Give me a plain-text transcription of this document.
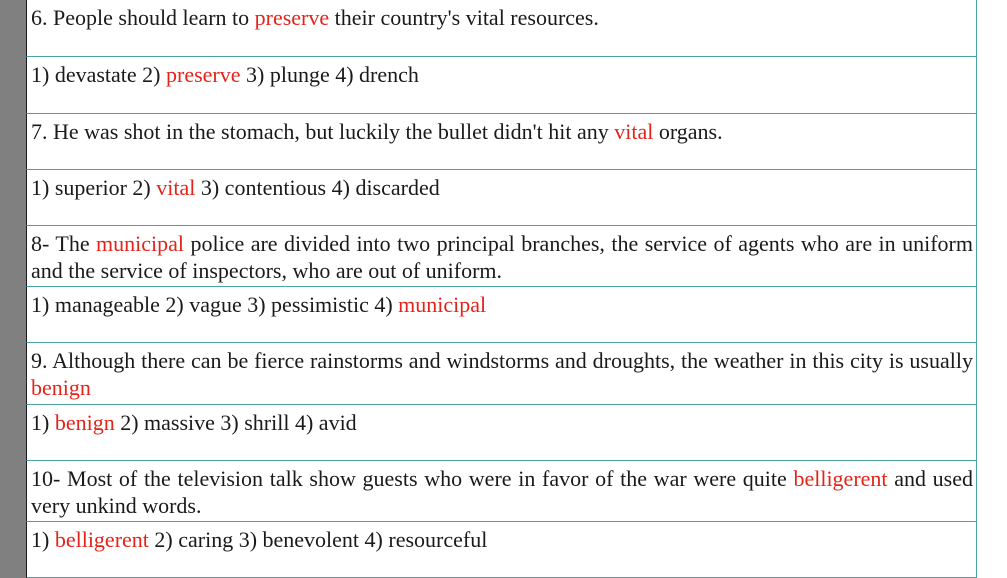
6. People should learn to preserve their country's vital resources.
1) devastate 2) preserve 3) plunge 4) drench
7. He was shot in the stomach, but luckily the bullet didn't hit any vital organs.
1) superior 2) vital 3) contentious 4) discarded
8- The municipal police are divided into two principal branches, the service of agents who are in uniform and the service of inspectors, who are out of uniform.
1) manageable 2) vague 3) pessimistic 4) municipal
9. Although there can be fierce rainstorms and windstorms and droughts, the weather in this city is usually benign
1) benign 2) massive 3) shrill 4) avid
10- Most of the television talk show guests who were in favor of the war were quite belligerent and used very unkind words.
1) belligerent 2) caring 3) benevolent 4) resourceful
